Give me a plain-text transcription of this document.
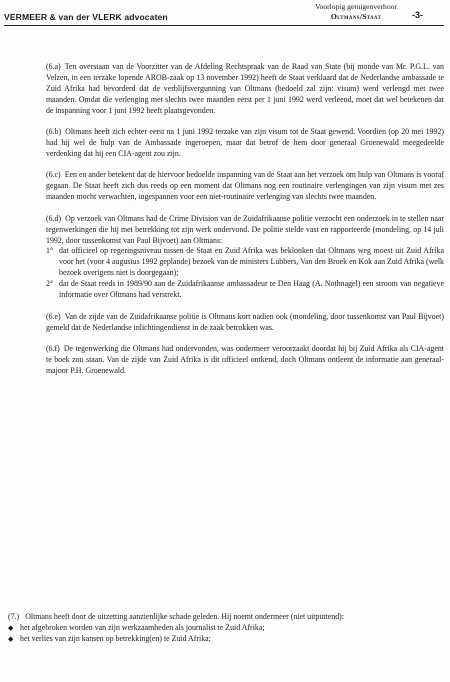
VERMEER & van der VLERK advocaten
Voorlopig getuigenverhoor
Oltmans/Staat	-3-

(6.a) Ten overstaan van de Voorzitter van de Afdeling Rechtspraak van de Raad van State (bij monde van Mr. P.G.L. van Velzen, in een terzake lopende AROB-zaak op 13 november 1992) heeft de Staat verklaard dat de Nederlandse ambassade te Zuid Afrika had bevorderd dat de verblijfsvergunning van Oltmans (bedoeld zal zijn: visum) werd verlengd met twee maanden. Omdat die verlenging met slechts twee maanden eerst per 1 juni 1992 werd verleend, moet dat wel betekenen dat de inspanning voor 1 juni 1992 heeft plaatsgevonden.

(6.b) Oltmans heeft zich echter eerst na 1 juni 1992 terzake van zijn visum tot de Staat gewend. Voordien (op 20 mei 1992) had hij wel de hulp van de Ambassade ingeroepen, maar dat betrof de hem door generaal Groenewald meegedeelde verdenking dat hij een CIA-agent zou zijn.

(6.c) Een en ander betekent dat de hiervoor bedoelde inspanning van de Staat aan het verzoek om hulp van Oltmans is vooraf gegaan. De Staat heeft zich dus reeds op een moment dat Oltmans nog een routinaire verlengingen van zijn visum met zes maanden mocht verwachten, ingespannen voor een niet-routinaire verlenging van slechts twee maanden.

(6.d) Op verzoek van Oltmans had de Crime Division van de Zuidafrikaanse politie verzocht een onderzoek in te stellen naar tegenwerkingen die hij met betrekking tot zijn werk ondervond. De politie stelde vast en rapporteerde (mondeling, op 14 juli 1992, door tussenkomst van Paul Bijvoet) aan Oltmans:
1° dat officieel op regeringsniveau tussen de Staat en Zuid Afrika was beklonken dat Oltmans weg moest uit Zuid Afrika voor het (voor 4 augustus 1992 geplande) bezoek van de ministers Lubbers, Van den Broek en Kok aan Zuid Afrika (welk bezoek overigens niet is doorgegaan);
2° dat de Staat reeds in 1989/90 aan de Zuidafrikaanse ambassadeur te Den Haag (A. Nothnagel) een stroom van negatieve informatie over Oltmans had verstrekt.

(6.e) Van de zijde van de Zuidafrikaanse politie is Oltmans kort nadien ook (mondeling, door tussenkomst van Paul Bijvoet) gemeld dat de Nederlandse inlichtingendienst in de zaak betrokken was.

(6.f) De tegenwerking die Oltmans had ondervonden, was ondermeer veroorzaakt doordat hij bij Zuid Afrika als CIA-agent te boek zou staan. Van de zijde van Zuid Afrika is dit officieel ontkend, doch Oltmans ontleent de informatie aan generaal-majoor P.H. Groenewald.

(7.) Oltmans heeft door de uitzetting aanzienlijke schade geleden. Hij noemt ondermeer (niet uitputtend):
◆ het afgebroken worden van zijn werkzaamheden als journalist te Zuid Afrika;
◆ het verlies van zijn kansen op betrekking(en) te Zuid Afrika;
